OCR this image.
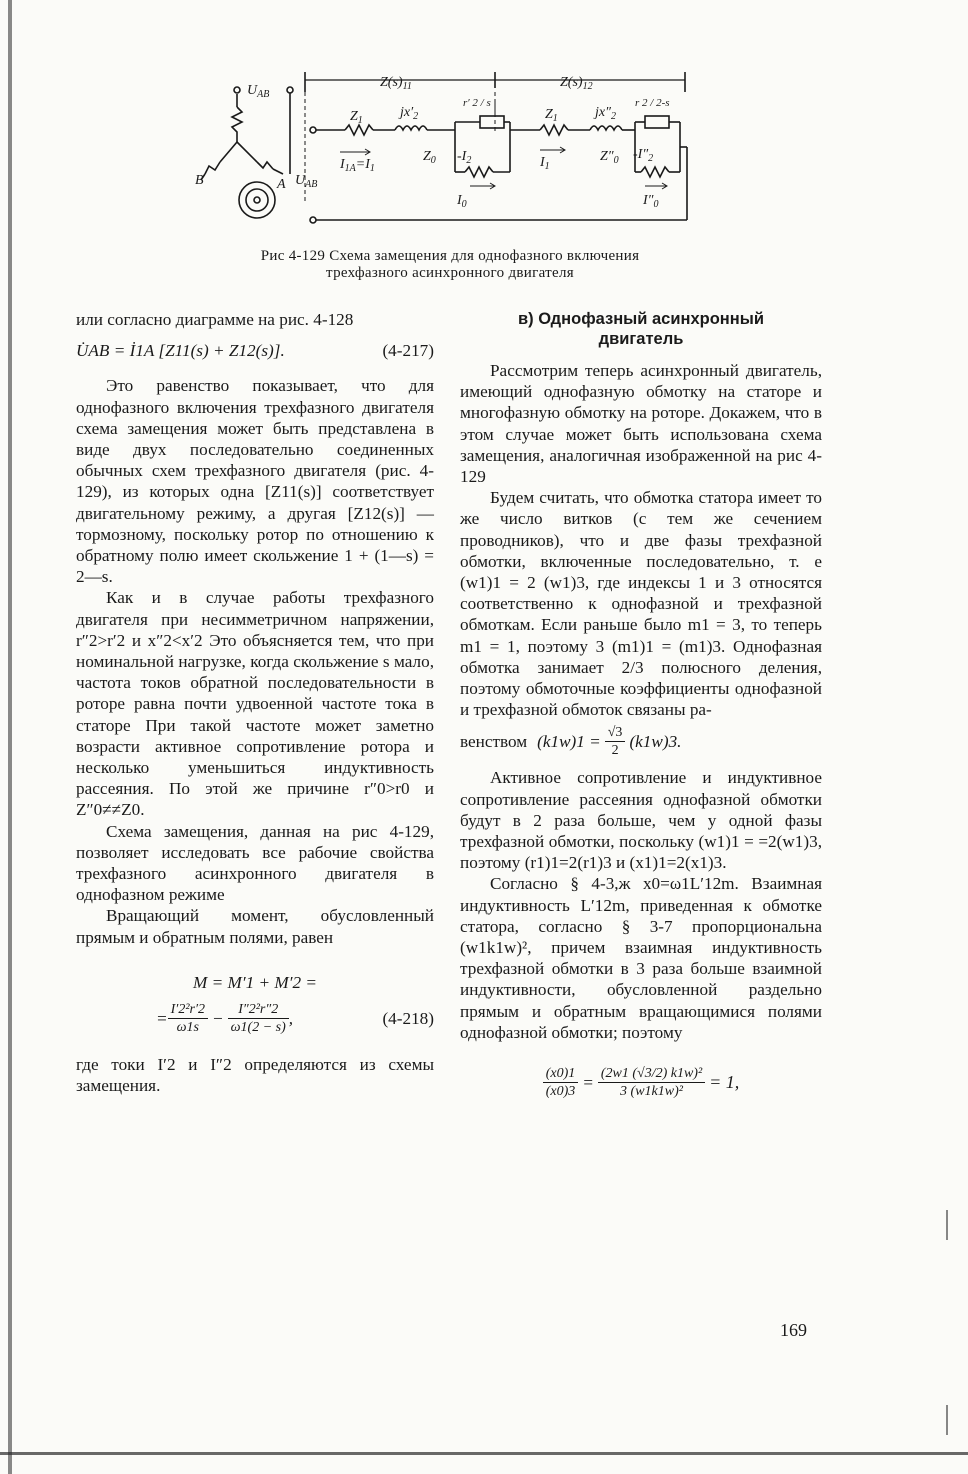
$U_{AB}$
$U_{AB}$
B	A
$Z(s)_{11}$	$Z(s)_{12}$
$Z_1$
$jx'_2$
r′ 2 / s
$Z_0$ $-I_2$
$I_{1A}=I_1$
$I_0$
$Z_1$
$I_1$
$jx''_2$
r 2 / 2-s
$Z''_0$ $-I''_2$
$I''_0$
Рис 4-129 Схема замещения для однофазного включения
трехфазного асинхронного двигателя

или согласно диаграмме на рис. 4-128

U̇AB = İ1A [Z11(s) + Z12(s)].	(4-217)

Это равенство показывает, что для однофазного включения трехфазного двигателя схема замещения может быть представлена в виде двух последовательно соединенных обычных схем трехфазного двигателя (рис. 4-129), из которых одна [Z11(s)] соответствует двигательному режиму, а другая [Z12(s)] — тормозному, поскольку ротор по отношению к обратному полю имеет скольжение 1 + (1—s) = 2—s.

Как и в случае работы трехфазного двигателя при несимметричном напряжении, r″2>r′2 и x″2<x′2 Это объясняется тем, что при номинальной нагрузке, когда скольжение s мало, частота токов обратной последовательности в роторе равна почти удвоенной частоте тока в статоре При такой частоте может заметно возрасти активное сопротивление ротора и несколько уменьшиться индуктивность рассеяния. По этой же причине r″0>r0 и Z″0≠≠Z0.

Схема замещения, данная на рис 4-129, позволяет исследовать все рабочие свойства трехфазного асинхронного двигателя в однофазном режиме

Вращающий момент, обусловленный прямым и обратным полями, равен

M = M′1 + M′2 =
= $\frac{\text{I′2²r′2}}{\omega 1s} - \frac{\text{I″2²r″2}}{\omega 1(2 - s)}$ ,	(4-218)

где токи I′2 и I″2 определяются из схемы замещения.

в) Однофазный асинхронный
двигатель

Рассмотрим теперь асинхронный двигатель, имеющий однофазную обмотку на статоре и многофазную обмотку на роторе. Докажем, что в этом случае может быть использована схема замещения, аналогичная изображенной на рис 4-129

Будем считать, что обмотка статора имеет то же число витков (с тем же сечением проводников), что и две фазы трехфазной обмотки, включенные последовательно, т. е (w1)1 = 2 (w1)3, где индексы 1 и 3 относятся соответственно к однофазной и трехфазной обмоткам. Если раньше было m1 = 3, то теперь m1 = 1, поэтому 3 (m1)1 = (m1)3. Однофазная обмотка занимает 2/3 полюсного деления, поэтому обмоточные коэффициенты однофазной и трехфазной обмоток связаны ра-

венством $(k1w)1 = \frac{√3}{2} (k1w)3$.

Активное сопротивление и индуктивное сопротивление рассеяния однофазной обмотки будут в 2 раза больше, чем у одной фазы трехфазной обмотки, поскольку (w1)1 = =2(w1)3, поэтому (r1)1=2(r1)3 и (x1)1=2(x1)3.

Согласно § 4-3,ж x0=ω1L′12m. Взаимная индуктивность L′12m, приведенная к обмотке статора, согласно § 3-7 пропорциональна (w1k1w)², причем взаимная индуктивность трехфазной обмотки в 3 раза больше взаимной индуктивности, обусловленной раздельно прямым и обратным вращающимися полями однофазной обмотки; поэтому

$\frac{(x0)1}{(x0)3} = \frac{\text{(2w1 (√3/2) k1w)²}}{\text{3 (w1k1w)²}} = 1$,
169
